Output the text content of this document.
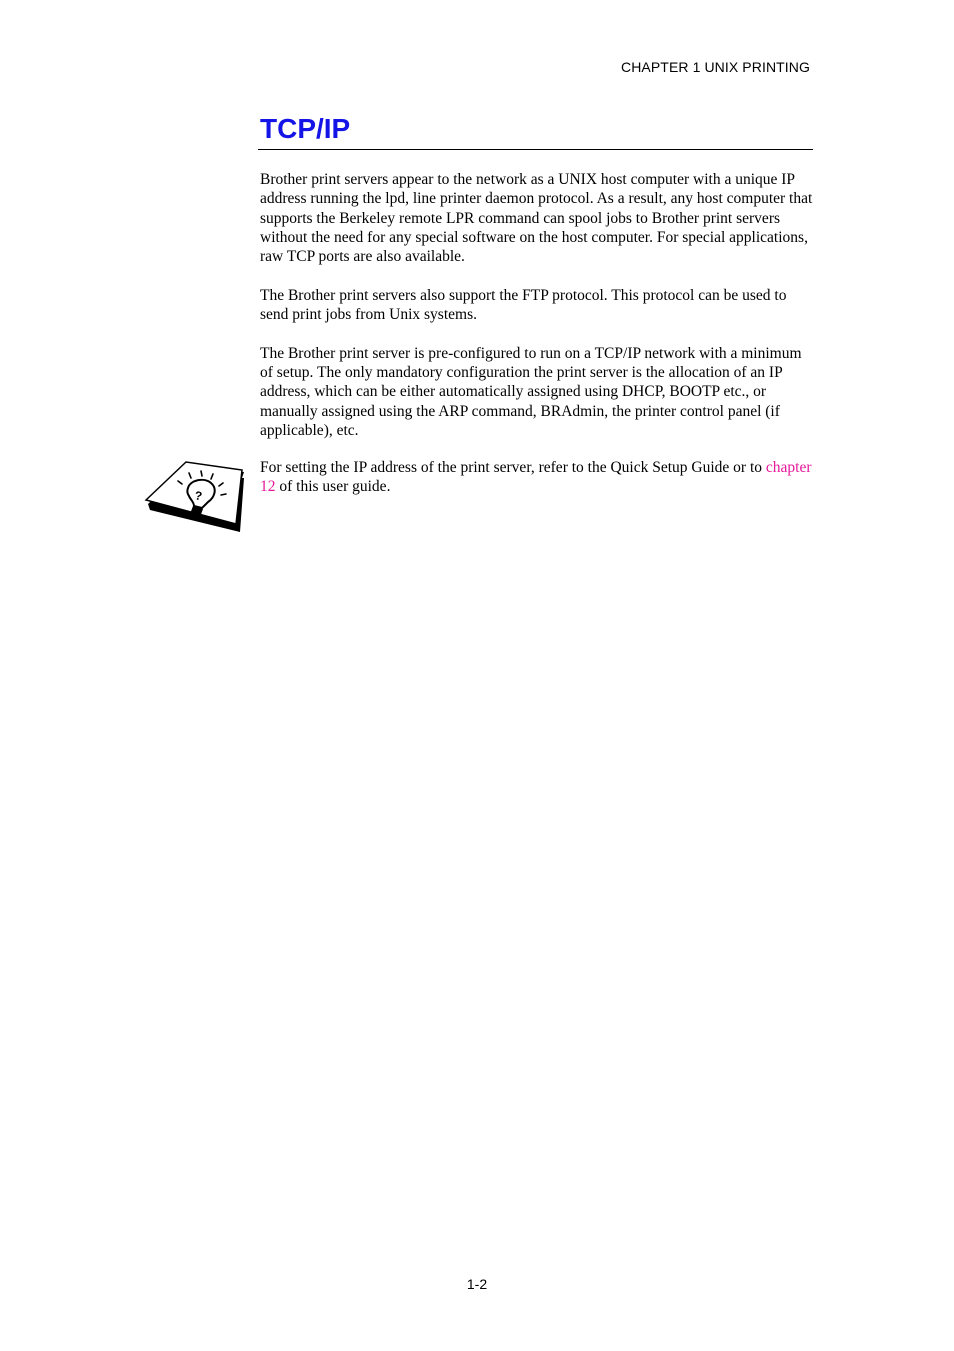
CHAPTER 1 UNIX PRINTING
TCP/IP

Brother print servers appear to the network as a UNIX host computer with a unique IP address running the lpd, line printer daemon protocol. As a result, any host computer that supports the Berkeley remote LPR command can spool jobs to Brother print servers without the need for any special software on the host computer. For special applications, raw TCP ports are also available.

The Brother print servers also support the FTP protocol. This protocol can be used to send print jobs from Unix systems.

The Brother print server is pre-configured to run on a TCP/IP network with a minimum of setup. The only mandatory configuration the print server is the allocation of an IP address, which can be either automatically assigned using DHCP, BOOTP etc., or manually assigned using the ARP command, BRAdmin, the printer control panel (if applicable), etc.

?

For setting the IP address of the print server, refer to the Quick Setup Guide or to chapter 12 of this user guide.

1-2
